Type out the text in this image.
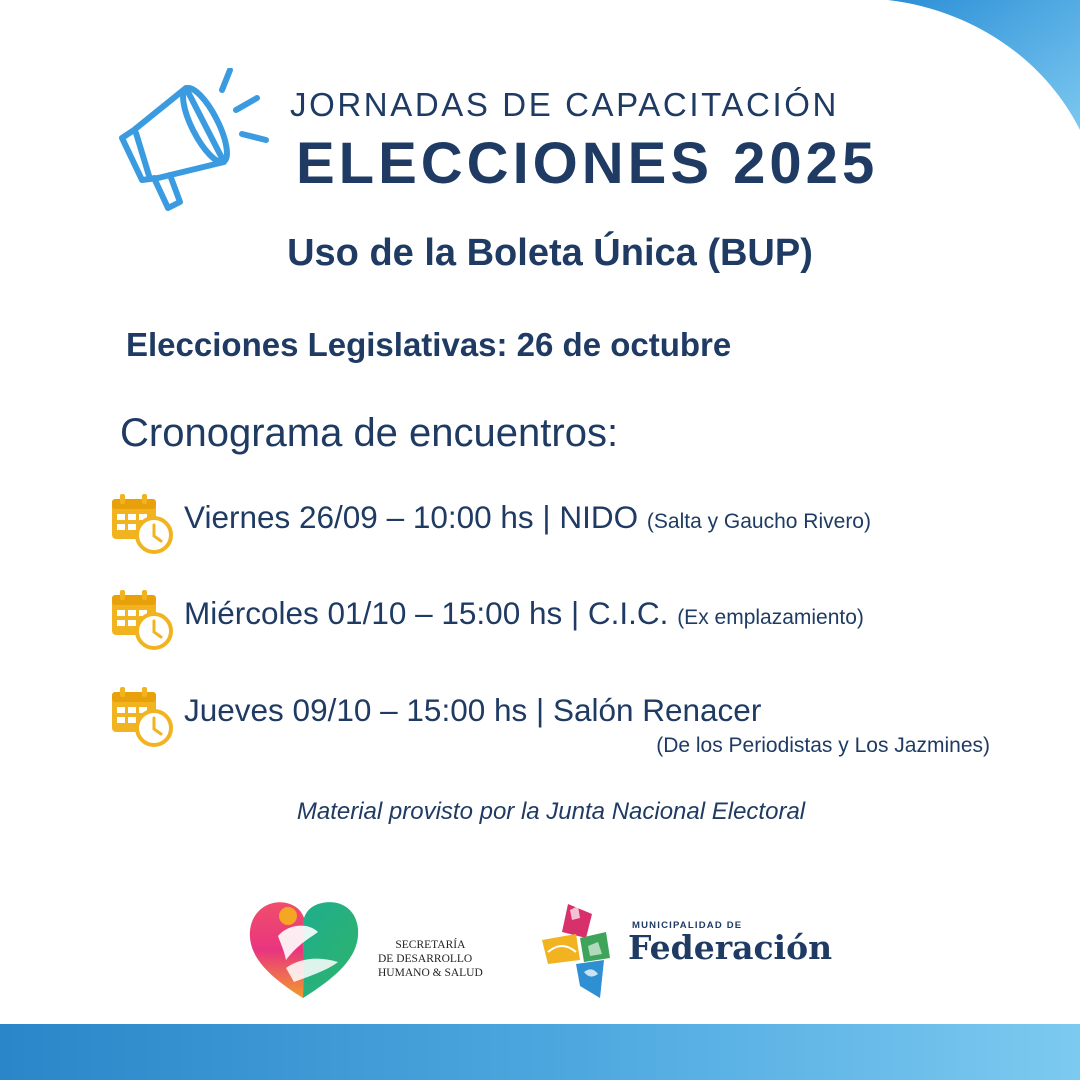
JORNADAS DE CAPACITACIÓN
ELECCIONES 2025
Uso de la Boleta Única (BUP)
Elecciones Legislativas: 26 de octubre
Cronograma de encuentros:
Viernes 26/09 – 10:00 hs | NIDO (Salta y Gaucho Rivero)
Miércoles 01/10 – 15:00 hs | C.I.C. (Ex emplazamiento)
Jueves 09/10 – 15:00 hs | Salón Renacer
(De los Periodistas y Los Jazmines)
Material provisto por la Junta Nacional Electoral
SECRETARÍA
DE DESARROLLO
HUMANO & SALUD
MUNICIPALIDAD DE
Federación
